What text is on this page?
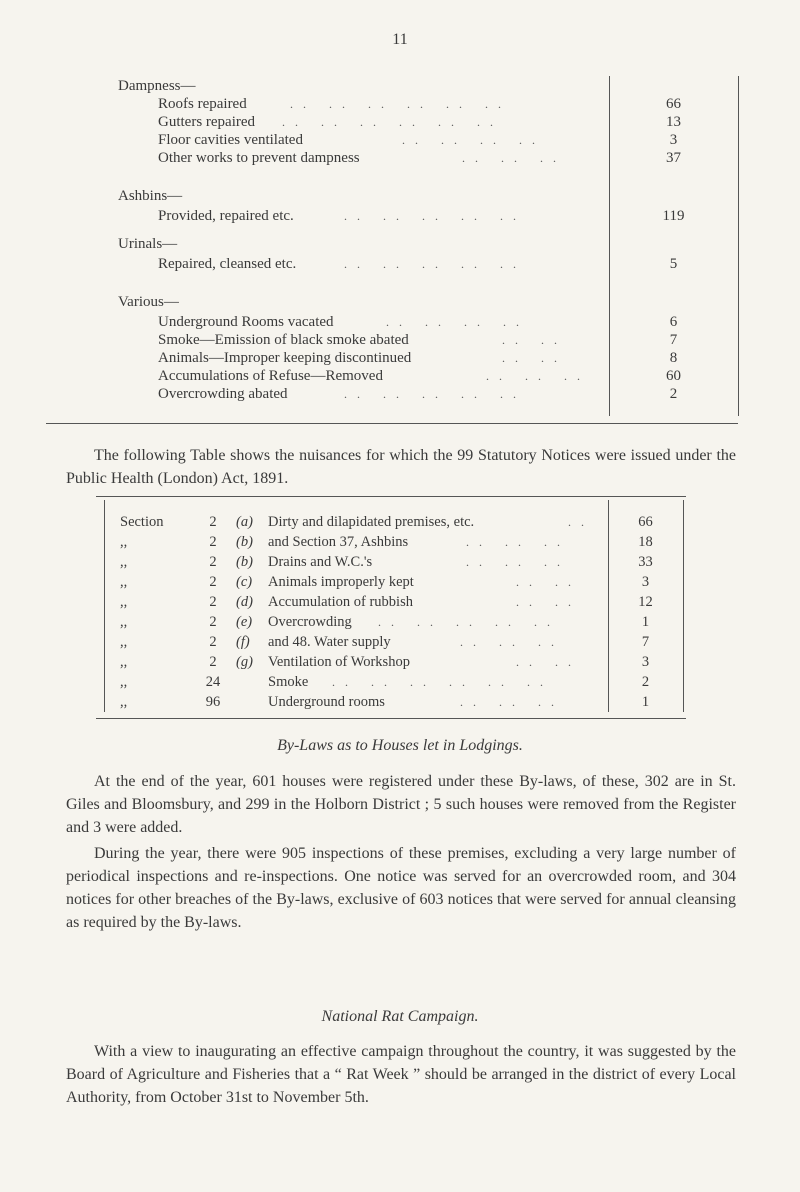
11
Dampness—
Roofs repaired	.. .. .. .. .. ..	66
Gutters repaired .. .. .. .. .. ..	13
Floor cavities ventilated	.. .. .. ..	3
Other works to prevent dampness	.. .. ..	37
Ashbins—
Provided, repaired etc.	.. .. .. .. ..	119
Urinals—
Repaired, cleansed etc.	.. .. .. .. ..	5
Various—
Underground Rooms vacated	.. .. .. ..	6
Smoke—Emission of black smoke abated	.. ..	7
Animals—Improper keeping discontinued	.. ..	8
Accumulations of Refuse—Removed	.. .. ..	60
Overcrowding abated	.. .. .. .. ..	2

The following Table shows the nuisances for which the 99 Statutory Notices were issued under the Public Health (London) Act, 1891.

Section	2	(a) Dirty and dilapidated premises, etc.	..	66
,,	2	(b) and Section 37, Ashbins	.. .. ..	18
,,	2	(b) Drains and W.C.'s	.. .. ..	33
,,	2	(c) Animals improperly kept	.. ..	3
,,	2	(d) Accumulation of rubbish	.. ..	12
,,	2	(e) Overcrowding .. .. .. .. ..	1
,,	2	(f) and 48. Water supply	.. .. ..	7
,,	2	(g) Ventilation of Workshop	.. ..	3
,,	24	Smoke .. .. .. .. .. ..	2
,,	96	Underground rooms	.. .. ..	1
By-Laws as to Houses let in Lodgings.

At the end of the year, 601 houses were registered under these By-laws, of these, 302 are in St. Giles and Bloomsbury, and 299 in the Holborn District ; 5 such houses were removed from the Register and 3 were added.

During the year, there were 905 inspections of these premises, excluding a very large number of periodical inspections and re-inspections. One notice was served for an overcrowded room, and 304 notices for other breaches of the By-laws, exclusive of 603 notices that were served for annual cleansing as required by the By-laws.

National Rat Campaign.

With a view to inaugurating an effective campaign throughout the country, it was suggested by the Board of Agriculture and Fisheries that a “ Rat Week ” should be arranged in the district of every Local Authority, from October 31st to November 5th.
